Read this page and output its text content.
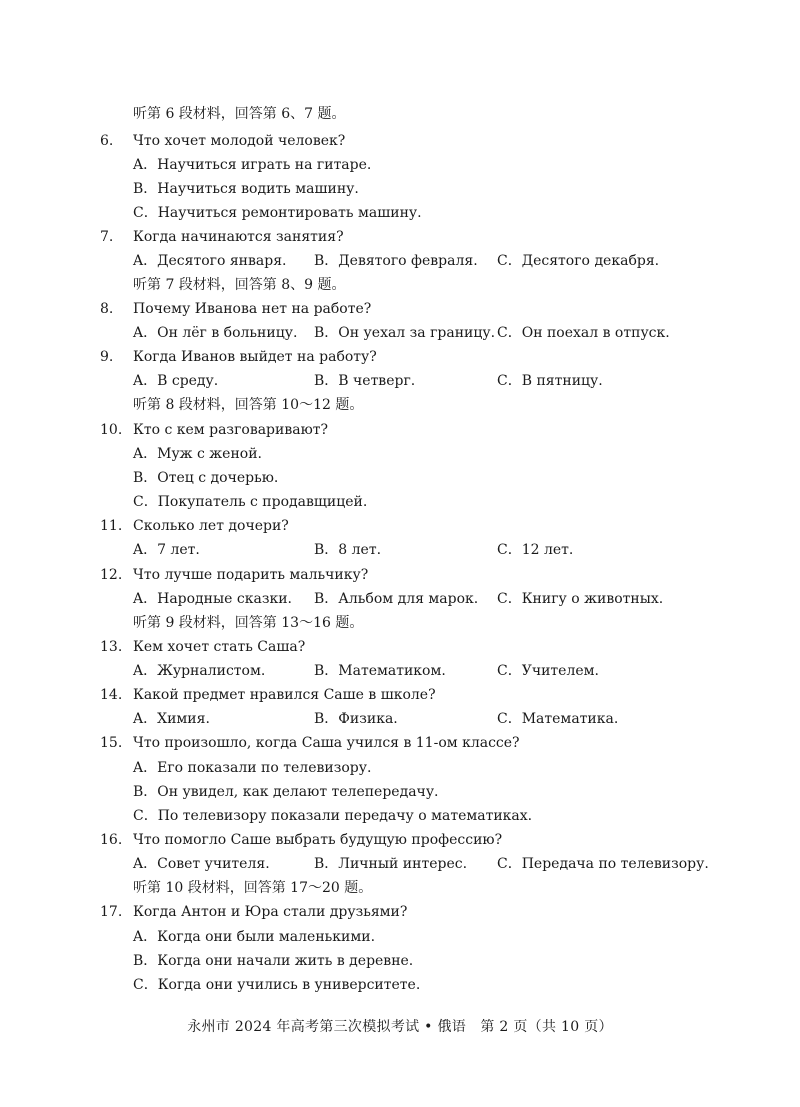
听第 6 段材料，回答第 6、7 题。
6. Что хочет молодой человек?
A．Научиться играть на гитаре.
B．Научиться водить машину.
C．Научиться ремонтировать машину.
7. Когда начинаются занятия?
A．Десятого января. B．Девятого февраля. C．Десятого декабря.
听第 7 段材料，回答第 8、9 题。
8. Почему Иванова нет на работе?
A．Он лёг в больницу. B．Он уехал за границу. C．Он поехал в отпуск.
9. Когда Иванов выйдет на работу?
A．В среду.	B．В четверг.	C．В пятницу.
听第 8 段材料，回答第 10～12 题。
10. Кто с кем разговаривают?
A．Муж с женой.
B．Отец с дочерью.
C．Покупатель с продавщицей.
11. Сколько лет дочери?
A．7 лет.	B．8 лет.	C．12 лет.
12. Что лучше подарить мальчику?
A．Народные сказки. B．Альбом для марок. C．Книгу о животных.
听第 9 段材料，回答第 13～16 题。
13. Кем хочет стать Саша?
A．Журналистом.	B．Математиком.	C．Учителем.
14. Какой предмет нравился Саше в школе?
A．Химия.	B．Физика.	C．Математика.
15. Что произошло, когда Саша учился в 11-ом классе?
A．Его показали по телевизору.
B．Он увидел, как делают телепередачу.
C．По телевизору показали передачу о математиках.
16. Что помогло Саше выбрать будущую профессию?
A．Совет учителя.	B．Личный интерес. C．Передача по телевизору.
听第 10 段材料，回答第 17～20 题。
17. Когда Антон и Юра стали друзьями?
A．Когда они были маленькими.
B．Когда они начали жить в деревне.
C．Когда они учились в университете.
永州市 2024 年高考第三次模拟考试 • 俄语　第 2 页（共 10 页）
